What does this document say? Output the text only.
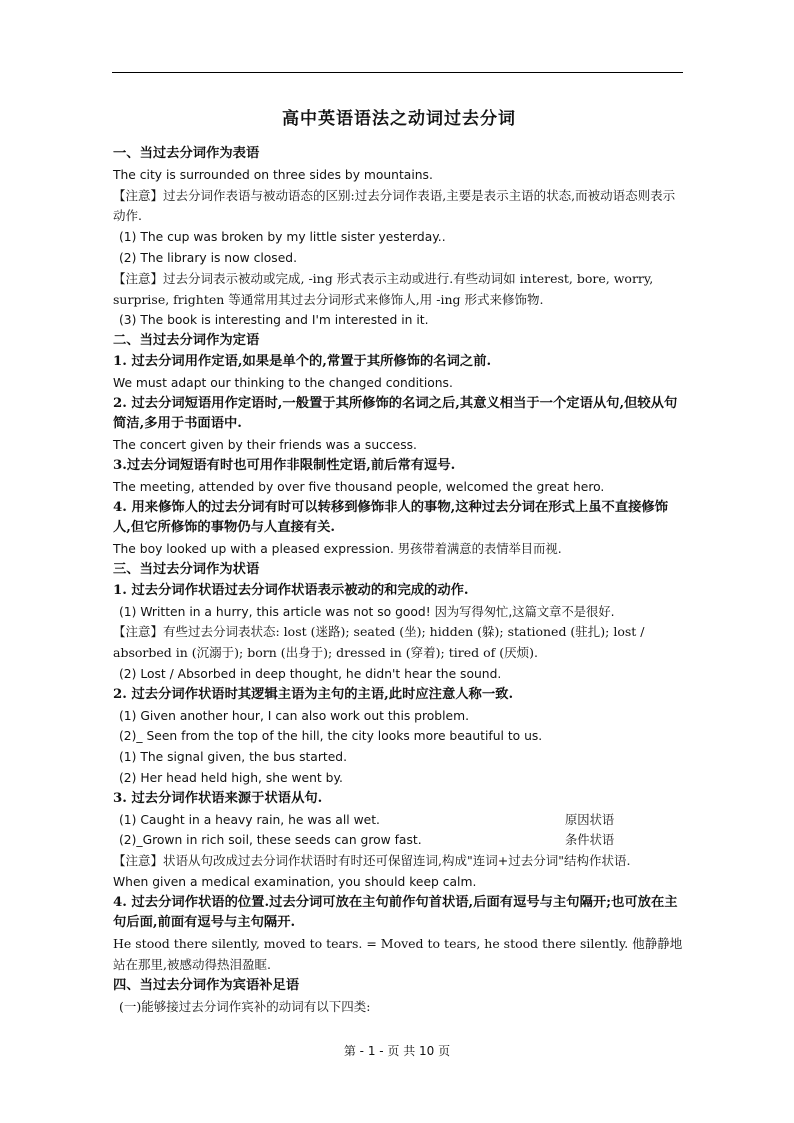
高中英语语法之动词过去分词
一、当过去分词作为表语
The city is surrounded on three sides by mountains.
【注意】过去分词作表语与被动语态的区别:过去分词作表语,主要是表示主语的状态,而被动语态则表示动作.
(1) The cup was broken by my little sister yesterday..
(2) The library is now closed.
【注意】过去分词表示被动或完成, -ing 形式表示主动或进行.有些动词如 interest, bore, worry, surprise, frighten 等通常用其过去分词形式来修饰人,用 -ing 形式来修饰物.
(3) The book is interesting and I'm interested in it.
二、当过去分词作为定语
1. 过去分词用作定语,如果是单个的,常置于其所修饰的名词之前.
We must adapt our thinking to the changed conditions.
2. 过去分词短语用作定语时,一般置于其所修饰的名词之后,其意义相当于一个定语从句,但较从句简洁,多用于书面语中.
The concert given by their friends was a success.
3.过去分词短语有时也可用作非限制性定语,前后常有逗号.
The meeting, attended by over five thousand people, welcomed the great hero.
4. 用来修饰人的过去分词有时可以转移到修饰非人的事物,这种过去分词在形式上虽不直接修饰人,但它所修饰的事物仍与人直接有关.
The boy looked up with a pleased expression. 男孩带着满意的表情举目而视.
三、当过去分词作为状语
1. 过去分词作状语过去分词作状语表示被动的和完成的动作.
(1) Written in a hurry, this article was not so good! 因为写得匆忙,这篇文章不是很好.
【注意】有些过去分词表状态: lost (迷路); seated (坐); hidden (躲); stationed (驻扎); lost / absorbed in (沉溺于); born (出身于); dressed in (穿着); tired of (厌烦).
(2) Lost / Absorbed in deep thought, he didn't hear the sound.
2. 过去分词作状语时其逻辑主语为主句的主语,此时应注意人称一致.
(1) Given another hour, I can also work out this problem.
(2)_ Seen from the top of the hill, the city looks more beautiful to us.
(1) The signal given, the bus started.
(2) Her head held high, she went by.
3. 过去分词作状语来源于状语从句.
(1) Caught in a heavy rain, he was all wet.	原因状语
(2)_Grown in rich soil, these seeds can grow fast.	条件状语
【注意】状语从句改成过去分词作状语时有时还可保留连词,构成"连词+过去分词"结构作状语.
When given a medical examination, you should keep calm.
4. 过去分词作状语的位置.过去分词可放在主句前作句首状语,后面有逗号与主句隔开;也可放在主句后面,前面有逗号与主句隔开.
He stood there silently, moved to tears. = Moved to tears, he stood there silently. 他静静地站在那里,被感动得热泪盈眶.
四、当过去分词作为宾语补足语
(一)能够接过去分词作宾补的动词有以下四类:
第 - 1 - 页 共 10 页
